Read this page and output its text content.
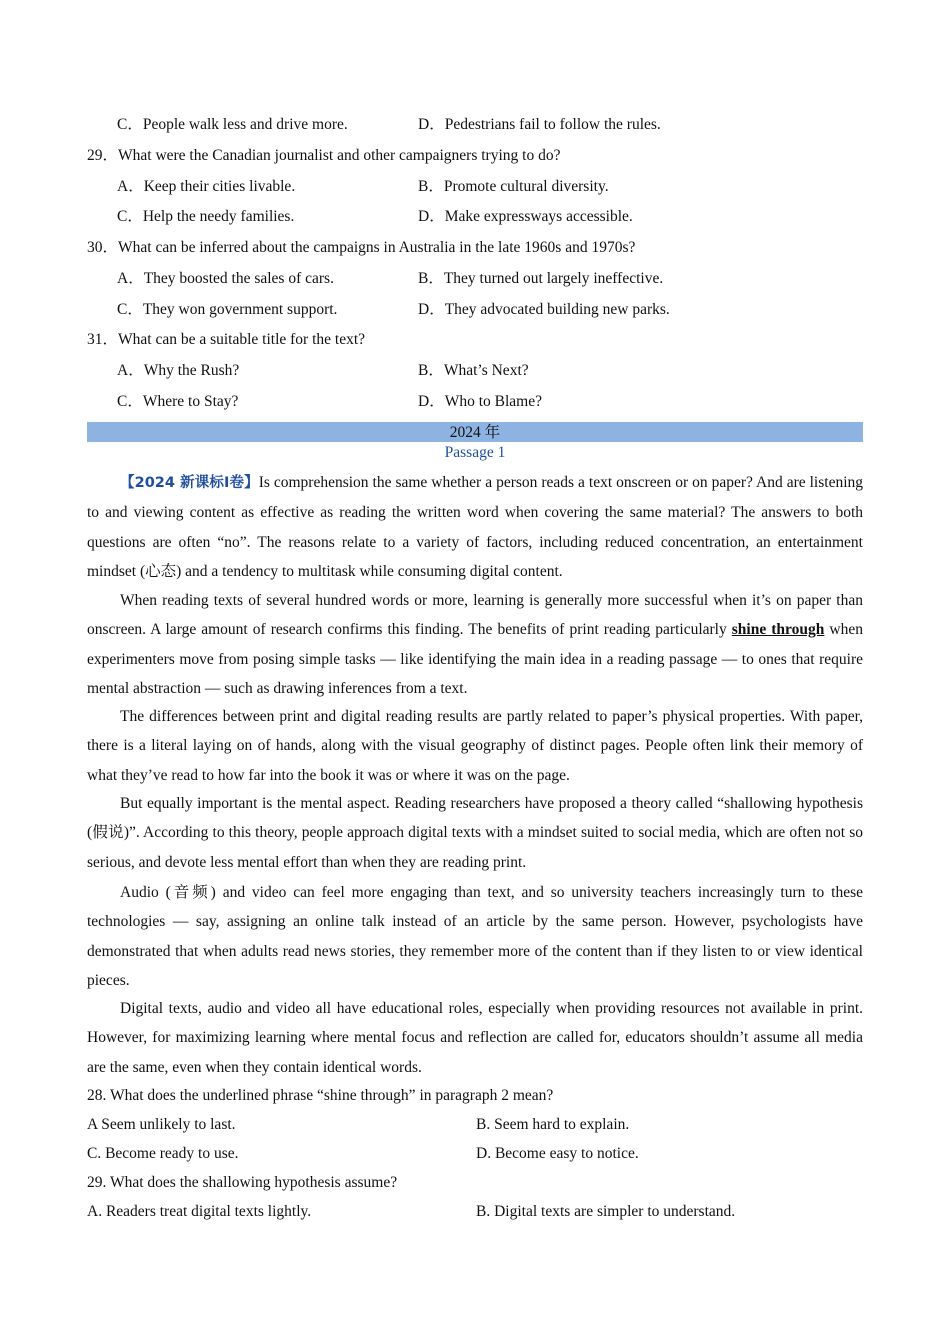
C．People walk less and drive more.	D．Pedestrians fail to follow the rules.
29．What were the Canadian journalist and other campaigners trying to do?
A．Keep their cities livable.	B．Promote cultural diversity.
C．Help the needy families.	D．Make expressways accessible.
30．What can be inferred about the campaigns in Australia in the late 1960s and 1970s?
A．They boosted the sales of cars.	B．They turned out largely ineffective.
C．They won government support.	D．They advocated building new parks.
31．What can be a suitable title for the text?
A．Why the Rush?	B．What’s Next?
C．Where to Stay?	D．Who to Blame?
2024 年
Passage 1
【2024 新课标Ⅰ卷】Is comprehension the same whether a person reads a text onscreen or on paper? And are listening to and viewing content as effective as reading the written word when covering the same material? The answers to both questions are often “no”. The reasons relate to a variety of factors, including reduced concentration, an entertainment mindset (心态) and a tendency to multitask while consuming digital content.
When reading texts of several hundred words or more, learning is generally more successful when it’s on paper than onscreen. A large amount of research confirms this finding. The benefits of print reading particularly shine through when experimenters move from posing simple tasks — like identifying the main idea in a reading passage — to ones that require mental abstraction — such as drawing inferences from a text.
The differences between print and digital reading results are partly related to paper’s physical properties. With paper, there is a literal laying on of hands, along with the visual geography of distinct pages. People often link their memory of what they’ve read to how far into the book it was or where it was on the page.
But equally important is the mental aspect. Reading researchers have proposed a theory called “shallowing hypothesis (假说)”. According to this theory, people approach digital texts with a mindset suited to social media, which are often not so serious, and devote less mental effort than when they are reading print.
Audio (音频) and video can feel more engaging than text, and so university teachers increasingly turn to these technologies — say, assigning an online talk instead of an article by the same person. However, psychologists have demonstrated that when adults read news stories, they remember more of the content than if they listen to or view identical pieces.
Digital texts, audio and video all have educational roles, especially when providing resources not available in print. However, for maximizing learning where mental focus and reflection are called for, educators shouldn’t assume all media are the same, even when they contain identical words.
28. What does the underlined phrase “shine through” in paragraph 2 mean?
A Seem unlikely to last.	B. Seem hard to explain.
C. Become ready to use.	D. Become easy to notice.
29. What does the shallowing hypothesis assume?
A. Readers treat digital texts lightly.	B. Digital texts are simpler to understand.
